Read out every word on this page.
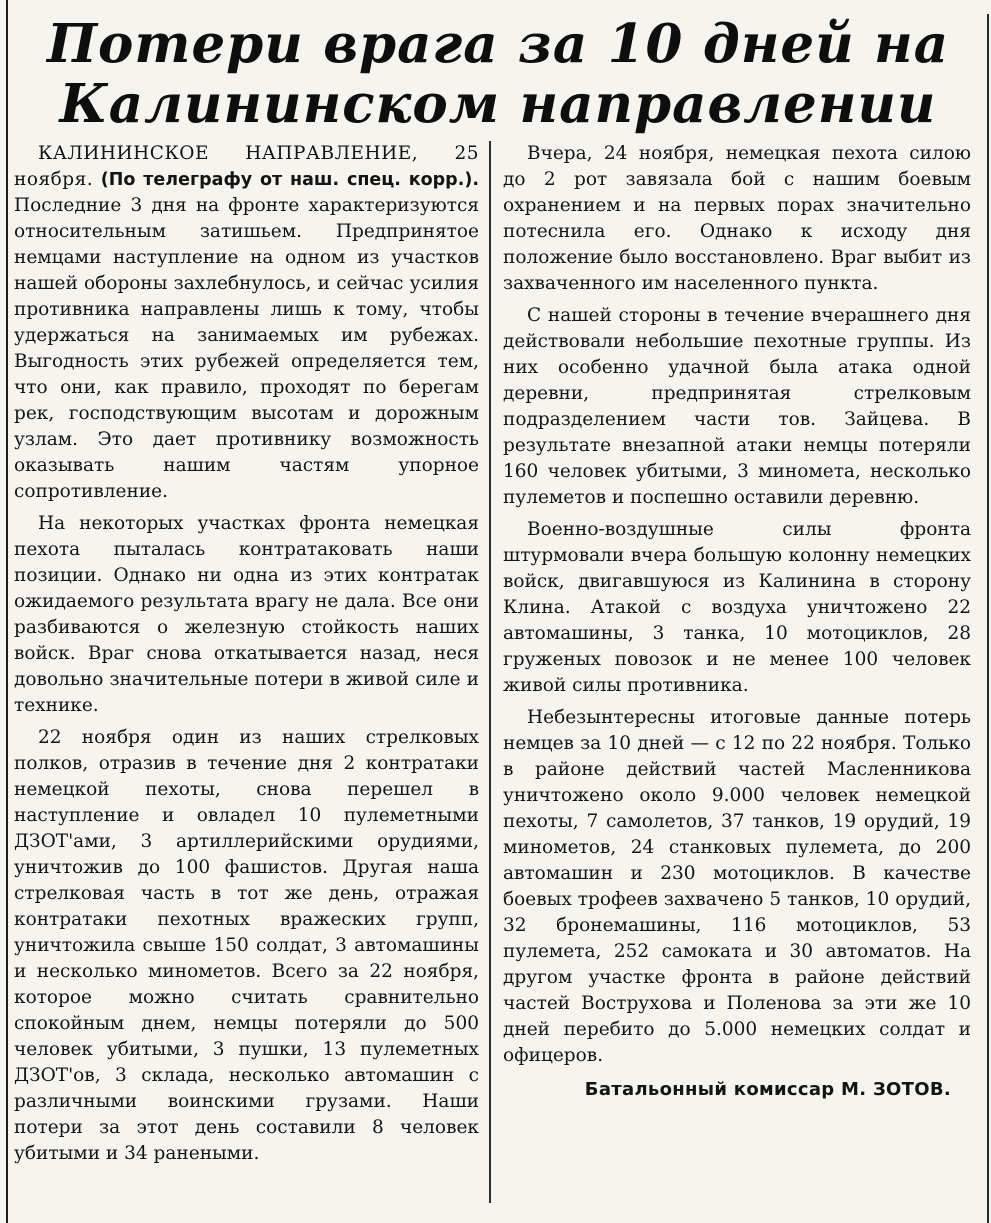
Потери врага за 10 дней на
Калининском направлении

КАЛИНИНСКОЕ НАПРАВЛЕНИЕ, 25 ноября. (По телеграфу от наш. спец. корр.). Последние 3 дня на фронте характеризуются относительным затишьем. Предпринятое немцами наступление на одном из участков нашей обороны захлебнулось, и сейчас усилия противника направлены лишь к тому, чтобы удержаться на занимаемых им рубежах. Выгодность этих рубежей определяется тем, что они, как правило, проходят по берегам рек, господствующим высотам и дорожным узлам. Это дает противнику возможность оказывать нашим частям упорное сопротивление.

На некоторых участках фронта немецкая пехота пыталась контратаковать наши позиции. Однако ни одна из этих контратак ожидаемого результата врагу не дала. Все они разбиваются о железную стойкость наших войск. Враг снова откатывается назад, неся довольно значительные потери в живой силе и технике.

22 ноября один из наших стрелковых полков, отразив в течение дня 2 контратаки немецкой пехоты, снова перешел в наступление и овладел 10 пулеметными ДЗОТ'ами, 3 артиллерийскими орудиями, уничтожив до 100 фашистов. Другая наша стрелковая часть в тот же день, отражая контратаки пехотных вражеских групп, уничтожила свыше 150 солдат, 3 автомашины и несколько минометов. Всего за 22 ноября, которое можно считать сравнительно спокойным днем, немцы потеряли до 500 человек убитыми, 3 пушки, 13 пулеметных ДЗОТ'ов, 3 склада, несколько автомашин с различными воинскими грузами. Наши потери за этот день составили 8 человек убитыми и 34 ранеными.

Вчера, 24 ноября, немецкая пехота силою до 2 рот завязала бой с нашим боевым охранением и на первых порах значительно потеснила его. Однако к исходу дня положение было восстановлено. Враг выбит из захваченного им населенного пункта.

С нашей стороны в течение вчерашнего дня действовали небольшие пехотные группы. Из них особенно удачной была атака одной деревни, предпринятая стрелковым подразделением части тов. Зайцева. В результате внезапной атаки немцы потеряли 160 человек убитыми, 3 миномета, несколько пулеметов и поспешно оставили деревню.

Военно-воздушные силы фронта штурмовали вчера большую колонну немецких войск, двигавшуюся из Калинина в сторону Клина. Атакой с воздуха уничтожено 22 автомашины, 3 танка, 10 мотоциклов, 28 груженых повозок и не менее 100 человек живой силы противника.

Небезынтересны итоговые данные потерь немцев за 10 дней — с 12 по 22 ноября. Только в районе действий частей Масленникова уничтожено около 9.000 человек немецкой пехоты, 7 самолетов, 37 танков, 19 орудий, 19 минометов, 24 станковых пулемета, до 200 автомашин и 230 мотоциклов. В качестве боевых трофеев захвачено 5 танков, 10 орудий, 32 бронемашины, 116 мотоциклов, 53 пулемета, 252 самоката и 30 автоматов. На другом участке фронта в районе действий частей Вострухова и Поленова за эти же 10 дней перебито до 5.000 немецких солдат и офицеров.

Батальонный комиссар М. ЗОТОВ.
